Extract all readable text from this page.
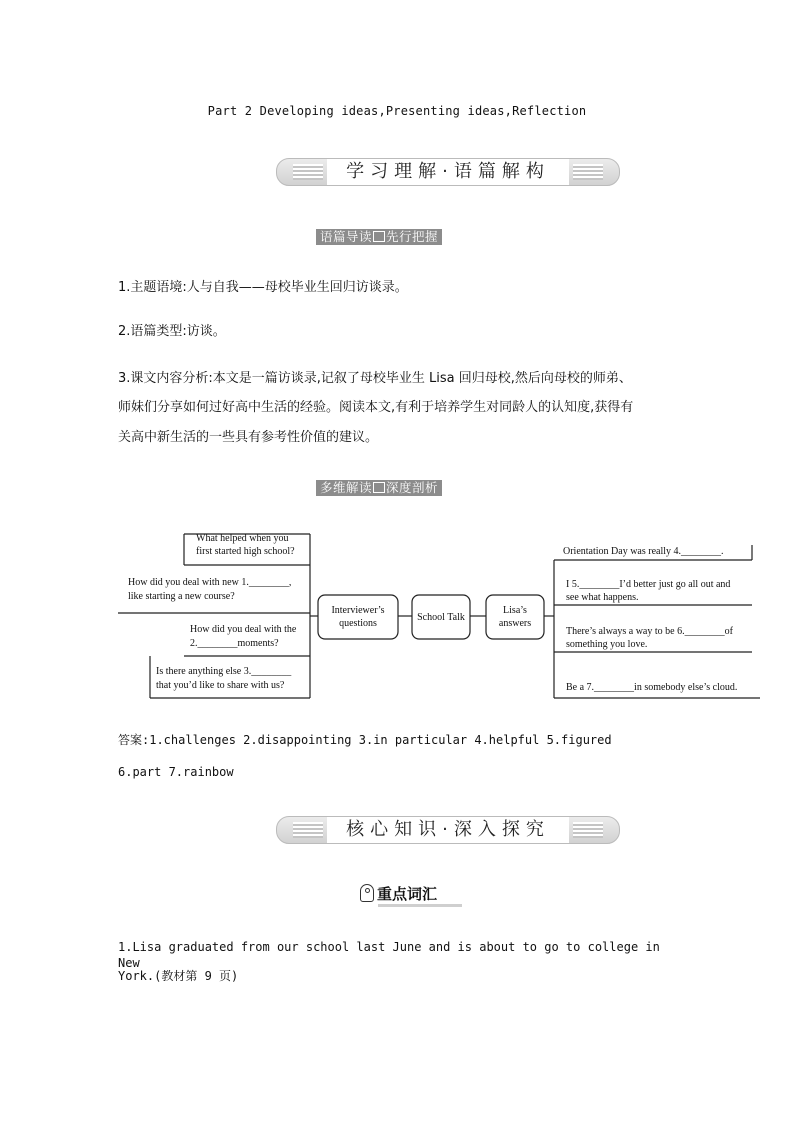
Part 2 Developing ideas,Presenting ideas,Reflection
学习理解·语篇解构
语篇导读 先行把握
1.主题语境:人与自我——母校毕业生回归访谈录。
2.语篇类型:访谈。
3.课文内容分析:本文是一篇访谈录,记叙了母校毕业生 Lisa 回归母校,然后向母校的师弟、
师妹们分享如何过好高中生活的经验。阅读本文,有利于培养学生对同龄人的认知度,获得有
关高中新生活的一些具有参考性价值的建议。
多维解读 深度剖析
What helped when you
first started high school?
How did you deal with new 1.________,
like starting a new course?
How did you deal with the
2.________moments?
Is there anything else 3.________
that you’d like to share with us?
Interviewer’s
questions
School Talk
Lisa’s
answers
Orientation Day was really 4.________.
I 5.________I’d better just go all out and
see what happens.
There’s always a way to be 6.________of
something you love.
Be a 7.________in somebody else’s cloud.
答案:1.challenges 2.disappointing 3.in particular 4.helpful 5.figured
6.part 7.rainbow
核心知识·深入探究
重点词汇
1.Lisa graduated from our school last June and is about to go to college in New
York.(教材第 9 页)
